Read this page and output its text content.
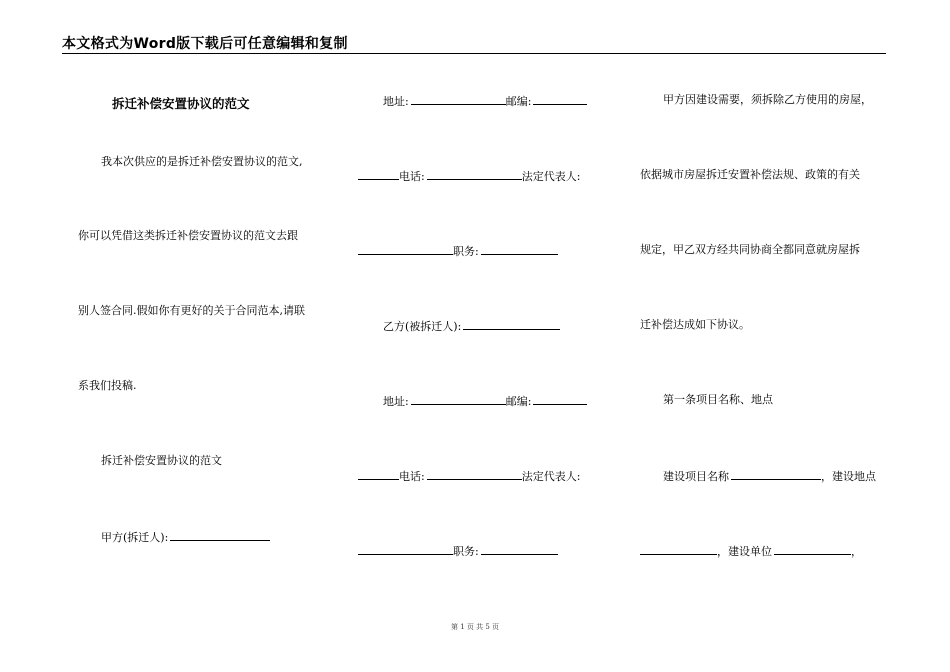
本文格式为Word版下载后可任意编辑和复制
拆迁补偿安置协议的范文
我本次供应的是拆迁补偿安置协议的范文,
你可以凭借这类拆迁补偿安置协议的范文去跟
别人签合同.假如你有更好的关于合同范本,请联
系我们投稿.
拆迁补偿安置协议的范文
甲方(拆迁人):
地址:	邮编:
电话:	法定代表人:
职务:
乙方(被拆迁人):
地址:	邮编:
电话:	法定代表人:
职务:
甲方因建设需要，须拆除乙方使用的房屋，
依据城市房屋拆迁安置补偿法规、政策的有关
规定，甲乙双方经共同协商全都同意就房屋拆
迁补偿达成如下协议。
第一条项目名称、地点
建设项目名称	，建设地点
，建设单位	，
第 1 页 共 5 页
